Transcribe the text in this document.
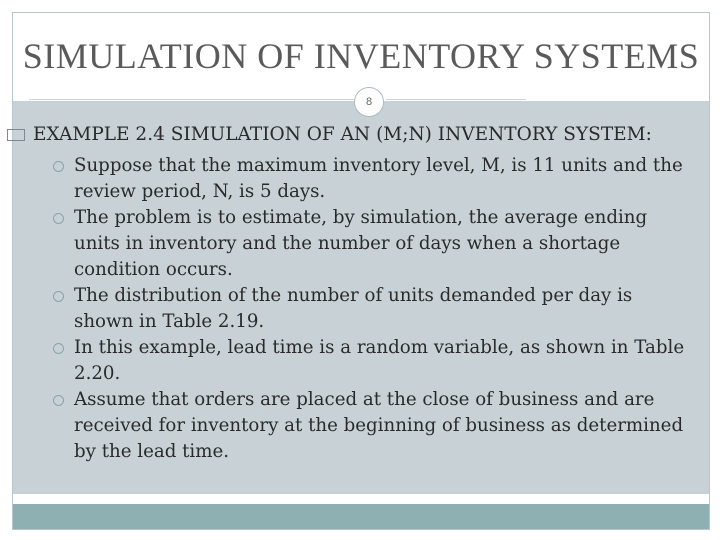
SIMULATION OF INVENTORY SYSTEMS
8
EXAMPLE 2.4 SIMULATION OF AN (M;N) INVENTORY SYSTEM:
Suppose that the maximum inventory level, M, is 11 units and the review period, N, is 5 days.
The problem is to estimate, by simulation, the average ending units in inventory and the number of days when a shortage condition occurs.
The distribution of the number of units demanded per day is shown in Table 2.19.
In this example, lead time is a random variable, as shown in Table 2.20.
Assume that orders are placed at the close of business and are received for inventory at the beginning of business as determined by the lead time.
